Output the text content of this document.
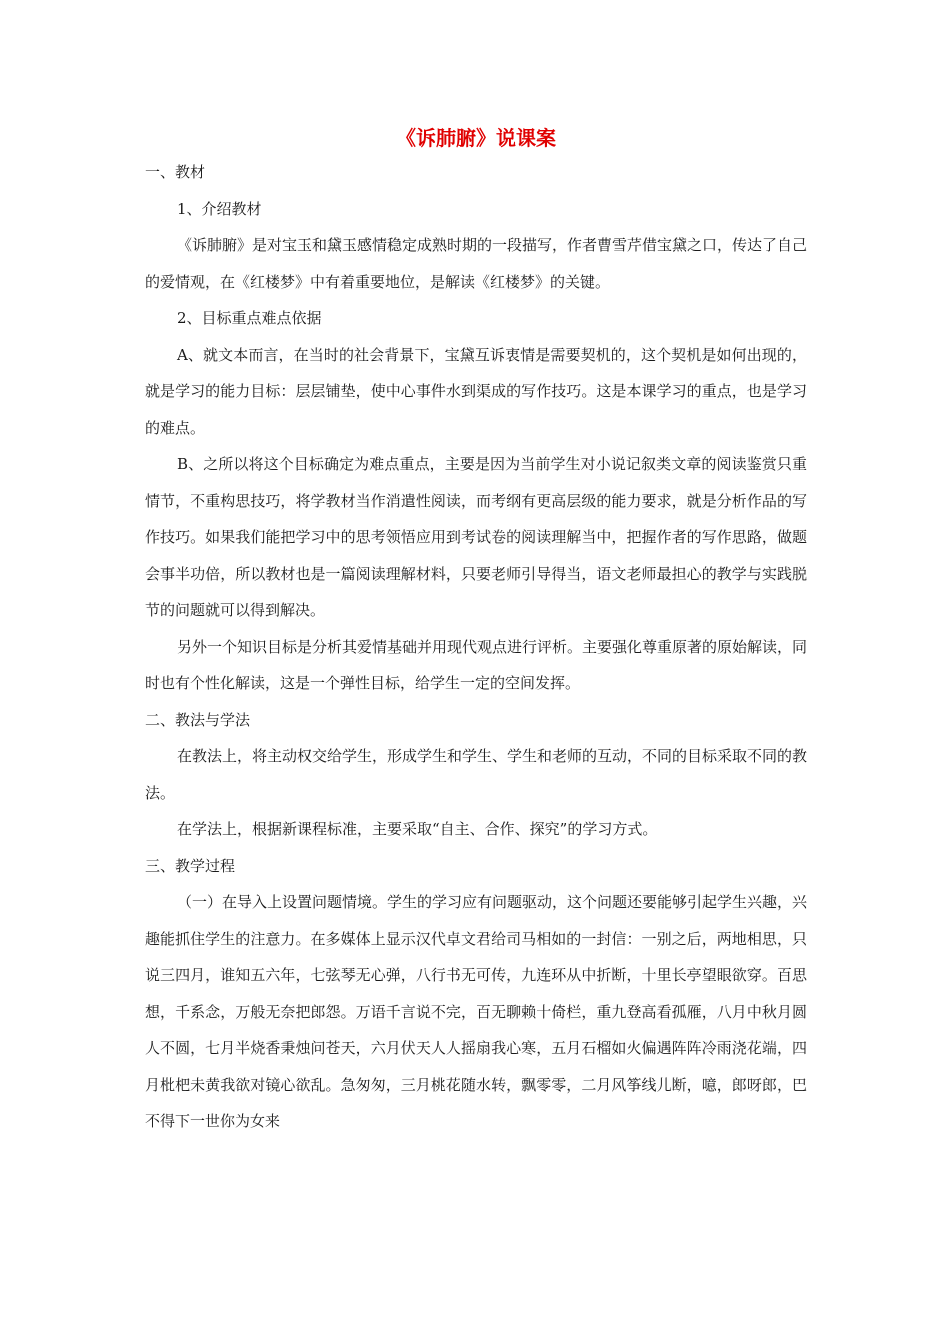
《诉肺腑》说课案
一、教材
1、介绍教材
《诉肺腑》是对宝玉和黛玉感情稳定成熟时期的一段描写，作者曹雪芹借宝黛之口，传达了自己的爱情观，在《红楼梦》中有着重要地位，是解读《红楼梦》的关键。
2、目标重点难点依据
A、就文本而言，在当时的社会背景下，宝黛互诉衷情是需要契机的，这个契机是如何出现的，就是学习的能力目标：层层铺垫，使中心事件水到渠成的写作技巧。这是本课学习的重点，也是学习的难点。
B、之所以将这个目标确定为难点重点，主要是因为当前学生对小说记叙类文章的阅读鉴赏只重情节，不重构思技巧，将学教材当作消遣性阅读，而考纲有更高层级的能力要求，就是分析作品的写作技巧。如果我们能把学习中的思考领悟应用到考试卷的阅读理解当中，把握作者的写作思路，做题会事半功倍，所以教材也是一篇阅读理解材料，只要老师引导得当，语文老师最担心的教学与实践脱节的问题就可以得到解决。
另外一个知识目标是分析其爱情基础并用现代观点进行评析。主要强化尊重原著的原始解读，同时也有个性化解读，这是一个弹性目标，给学生一定的空间发挥。
二、教法与学法
在教法上，将主动权交给学生，形成学生和学生、学生和老师的互动，不同的目标采取不同的教法。
在学法上，根据新课程标准，主要采取“自主、合作、探究”的学习方式。
三、教学过程
（一）在导入上设置问题情境。学生的学习应有问题驱动，这个问题还要能够引起学生兴趣，兴趣能抓住学生的注意力。在多媒体上显示汉代卓文君给司马相如的一封信：一别之后，两地相思，只说三四月，谁知五六年，七弦琴无心弹，八行书无可传，九连环从中折断，十里长亭望眼欲穿。百思想，千系念，万般无奈把郎怨。万语千言说不完，百无聊赖十倚栏，重九登高看孤雁，八月中秋月圆人不圆，七月半烧香秉烛问苍天，六月伏天人人摇扇我心寒，五月石榴如火偏遇阵阵冷雨浇花端，四月枇杷未黄我欲对镜心欲乱。急匆匆，三月桃花随水转，飘零零，二月风筝线儿断，噫，郎呀郎，巴不得下一世你为女来
